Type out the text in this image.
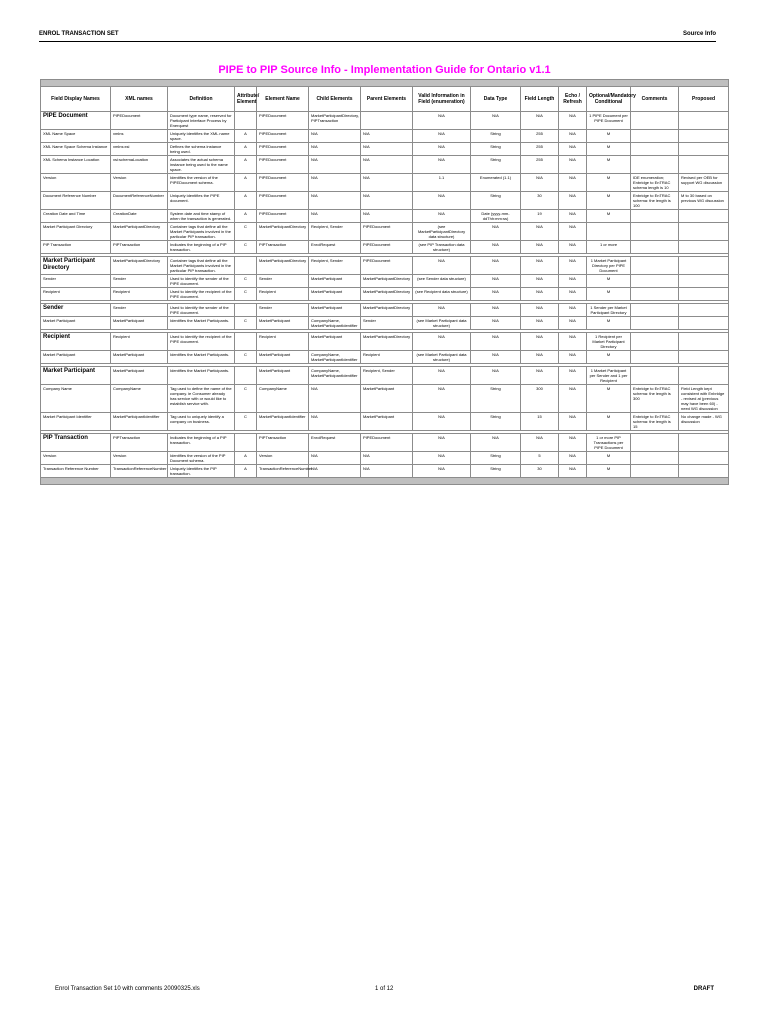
ENROL TRANSACTION SET	Source Info
PIPE to PIP Source Info - Implementation Guide for Ontario v1.1

Field Display Names	XML names	Definition	Attribute/ Element	Element Name	Child Elements	Parent Elements	Valid Information in Field (enumeration)	Data Type	Field Length	Echo / Refresh	Optional/Mandatory Conditional	Comments	Proposed
PIPE Document	PIPEDocument	Document type name, reserved for Participant Interface Process by Enerquest		PIPEDocument	MarketParticipantDirectory, PIPTransaction		N/A	N/A	N/A	N/A	1 PIPE Document per PIPE Document		
XML Name Space	xmlns	Uniquely identifies the XML name space.	A	PIPEDocument	N/A	N/A	N/A	String	255	N/A	M		
XML Name Space Schema Instance	xmlns:xsi	Defines the schema instance being used.	A	PIPEDocument	N/A	N/A	N/A	String	255	N/A	M		
XML Schema Instance Location	xsi:schemaLocation	Associates the actual schema instance being used to the name space.	A	PIPEDocument	N/A	N/A	N/A	String	255	N/A	M		
Version	Version	Identifies the version of the PIPEDocument schema.	A	PIPEDocument	N/A	N/A	1.1	Enumerated (1.1)	N/A	N/A	M	IDE enumeration; Enbridge to EnTRAC schema length is 10	Revised per OEB for support WG discussion
Document Reference Number	DocumentReferenceNumber	Uniquely identifies the PIPE document.	A	PIPEDocument	N/A	N/A	N/A	String	30	N/A	M	Enbridge to EnTRAC schema: the length is 100	M to 30 based on previous WG discussion
Creation Date and Time	CreationDate	System date and time stamp of when the transaction is generated.	A	PIPEDocument	N/A	N/A	N/A	Date (yyyy-mm-ddThh:mm:ss)	19	N/A	M		
Market Participant Directory	MarketParticipantDirectory	Container tags that define all the Market Participants involved in the particular PIP transaction.	C	MarketParticipantDirectory	Recipient, Sender	PIPEDocument	(see MarketParticipantDirectory data structure)	N/A	N/A	N/A			
PIP Transaction	PIPTransaction	Indicates the beginning of a PIP transaction.	C	PIPTransaction	EnrolRequest	PIPEDocument	(see PIP Transaction data structure)	N/A	N/A	N/A	1 or more		

Market Participant Directory	MarketParticipantDirectory	Container tags that define all the Market Participants involved in the particular PIP transaction.		MarketParticipantDirectory	Recipient, Sender	PIPEDocument	N/A	N/A	N/A	N/A	1 Market Participant Directory per PIPE Document		
Sender	Sender	Used to identify the sender of the PIPE document.	C	Sender	MarketParticipant	MarketParticipantDirectory	(see Sender data structure)	N/A	N/A	N/A	M		
Recipient	Recipient	Used to identify the recipient of the PIPE document.	C	Recipient	MarketParticipant	MarketParticipantDirectory	(see Recipient data structure)	N/A	N/A	N/A	M		

Sender	Sender	Used to identify the sender of the PIPE document.		Sender	MarketParticipant	MarketParticipantDirectory	N/A	N/A	N/A	N/A	1 Sender per Market Participant Directory		
Market Participant	MarketParticipant	Identifies the Market Participants.	C	MarketParticipant	CompanyName, MarketParticipantIdentifier	Sender	(see Market Participant data structure)	N/A	N/A	N/A	M		

Recipient	Recipient	Used to identify the recipient of the PIPE document.		Recipient	MarketParticipant	MarketParticipantDirectory	N/A	N/A	N/A	N/A	1 Recipient per Market Participant Directory		
Market Participant	MarketParticipant	Identifies the Market Participants.	C	MarketParticipant	CompanyName, MarketParticipantIdentifier	Recipient	(see Market Participant data structure)	N/A	N/A	N/A	M		

Market Participant	MarketParticipant	Identifies the Market Participants.		MarketParticipant	CompanyName, MarketParticipantIdentifier	Recipient, Sender	N/A	N/A	N/A	N/A	1 Market Participant per Sender and 1 per Recipient		
Company Name	CompanyName	Tag used to define the name of the company. ie Consumer already has service with or would like to establish service with.	C	CompanyName	N/A	MarketParticipant	N/A	String	300	N/A	M	Enbridge to EnTRAC schema: the length is 300	Field Length kept consistent with Enbridge - revised at (previous may have been 60) - need WG discussion
Market Participant Identifier	MarketParticipantIdentifier	Tag used to uniquely identify a company on business.	C	MarketParticipantIdentifier	N/A	MarketParticipant	N/A	String	15	N/A	M	Enbridge to EnTRAC schema: the length is 15	No change made - WG discussion

PIP Transaction	PIPTransaction	Indicates the beginning of a PIP transaction.		PIPTransaction	EnrolRequest	PIPEDocument	N/A	N/A	N/A	N/A	1 or more PIP Transactions per PIPE Document		
Version	Version	Identifies the version of the PIP Document schema.	A	Version	N/A	N/A	N/A	String	5	N/A	M		
Transaction Reference Number	TransactionReferenceNumber	Uniquely identifies the PIP transaction.	A	TransactionReferenceNumber	N/A	N/A	N/A	String	30	N/A	M		

Enrol Transaction Set 10 with comments 20090325.xls	1 of 12	DRAFT
